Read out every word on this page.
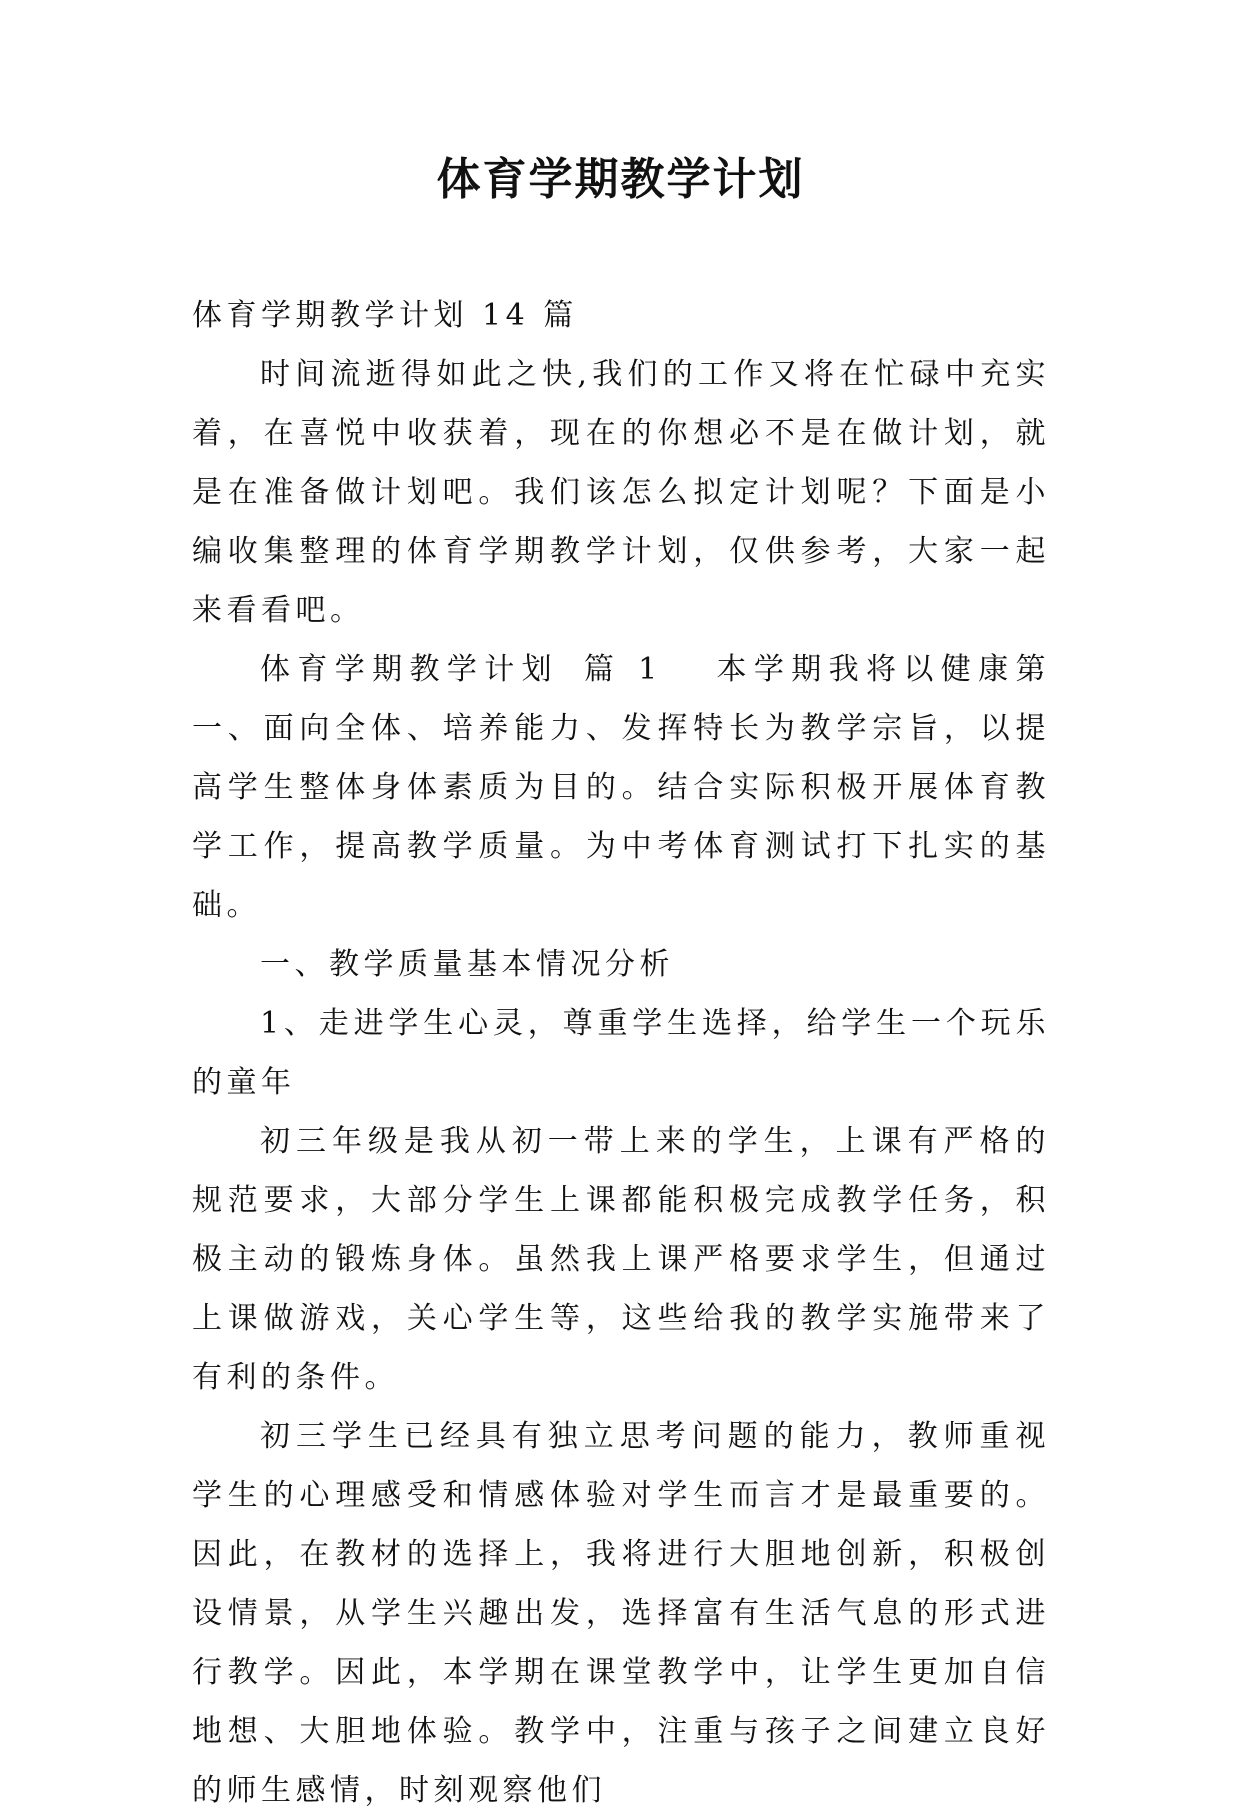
体育学期教学计划

体育学期教学计划 14 篇

时间流逝得如此之快,我们的工作又将在忙碌中充实着，在喜悦中收获着，现在的你想必不是在做计划，就是在准备做计划吧。我们该怎么拟定计划呢？下面是小编收集整理的体育学期教学计划，仅供参考，大家一起来看看吧。

体育学期教学计划 篇 1 本学期我将以健康第一、面向全体、培养能力、发挥特长为教学宗旨，以提高学生整体身体素质为目的。结合实际积极开展体育教学工作，提高教学质量。为中考体育测试打下扎实的基础。

一、教学质量基本情况分析

1、走进学生心灵，尊重学生选择，给学生一个玩乐的童年

初三年级是我从初一带上来的学生，上课有严格的规范要求，大部分学生上课都能积极完成教学任务，积极主动的锻炼身体。虽然我上课严格要求学生，但通过上课做游戏，关心学生等，这些给我的教学实施带来了有利的条件。

初三学生已经具有独立思考问题的能力，教师重视学生的心理感受和情感体验对学生而言才是最重要的。因此，在教材的选择上，我将进行大胆地创新，积极创设情景，从学生兴趣出发，选择富有生活气息的形式进行教学。因此，本学期在课堂教学中，让学生更加自信地想、大胆地体验。教学中，注重与孩子之间建立良好的师生感情，时刻观察他们
